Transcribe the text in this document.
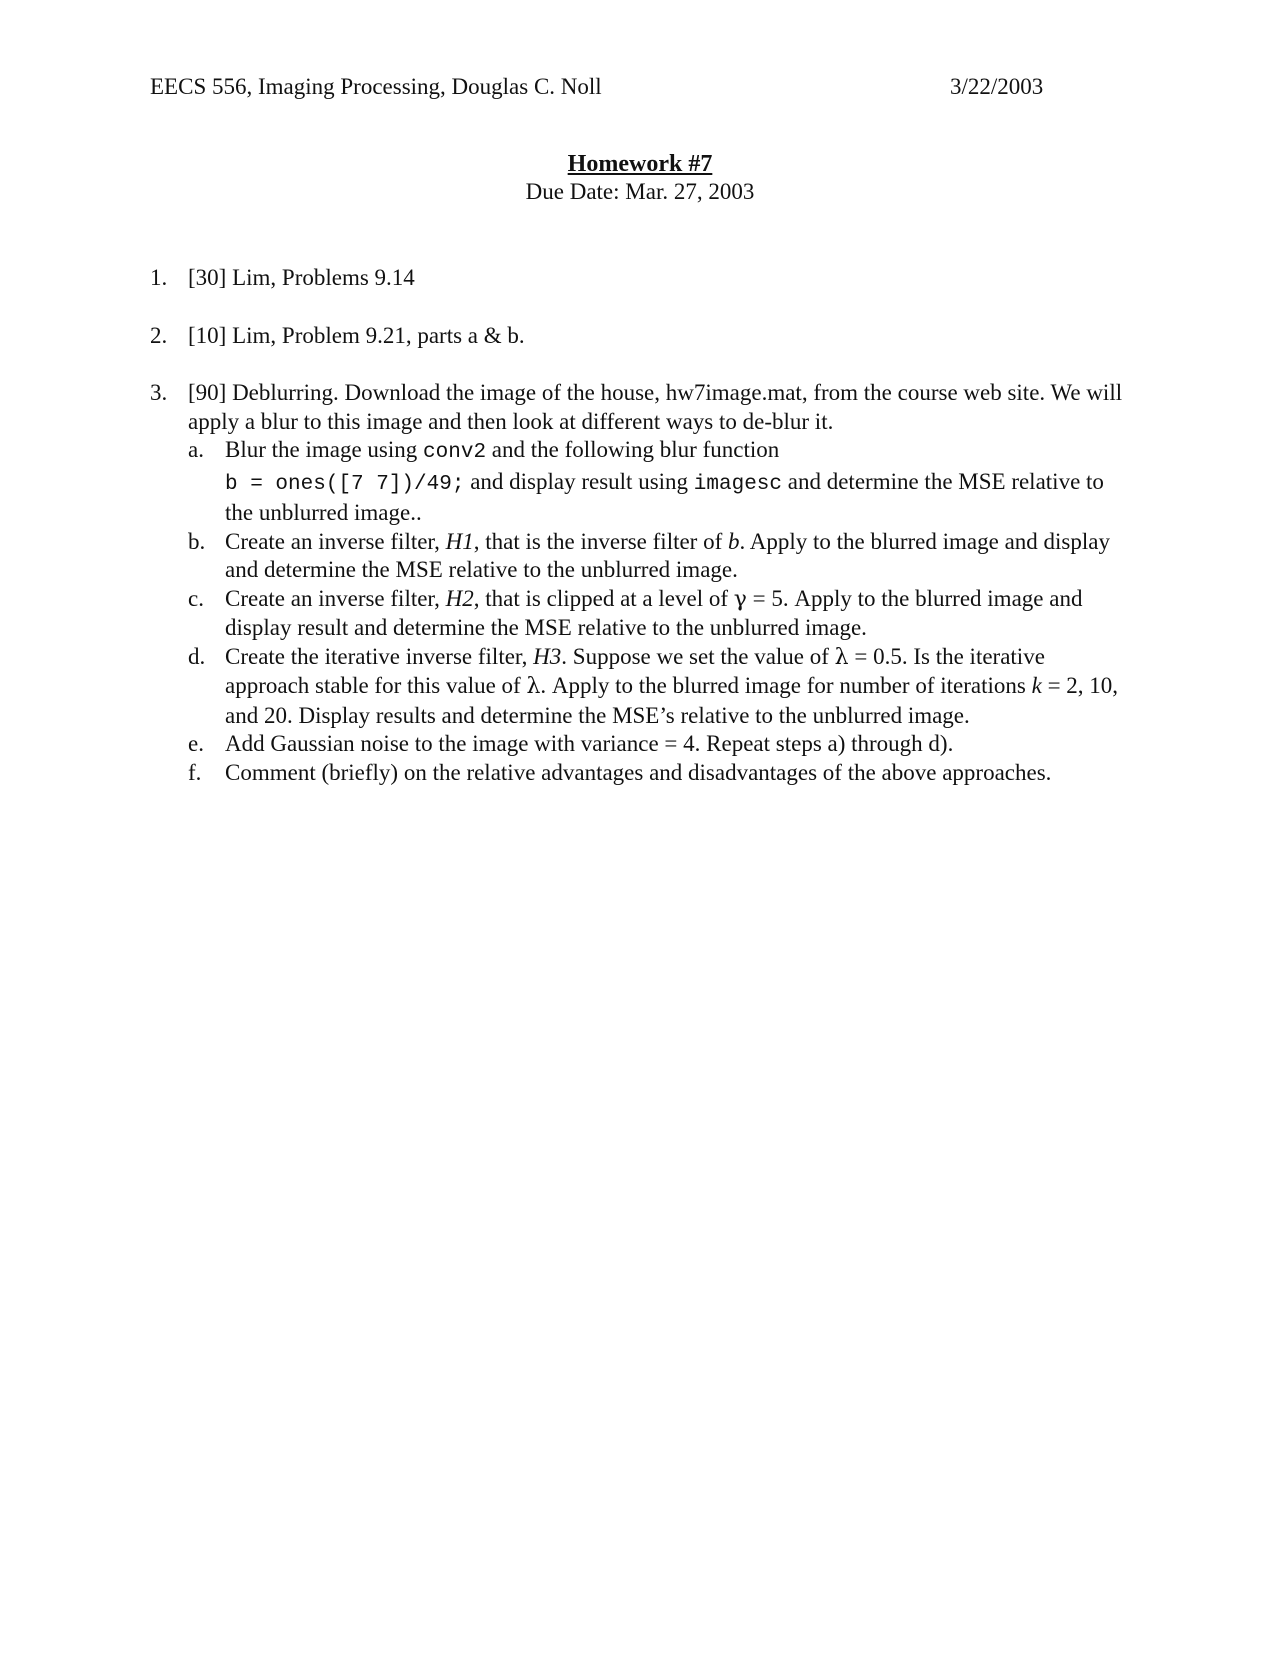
EECS 556, Imaging Processing, Douglas C. Noll	3/22/2003
Homework #7
Due Date: Mar. 27, 2003
1. [30] Lim, Problems 9.14
2. [10] Lim, Problem 9.21, parts a & b.
3. [90] Deblurring. Download the image of the house, hw7image.mat, from the course web site. We will apply a blur to this image and then look at different ways to de-blur it.
a. Blur the image using conv2 and the following blur function
b = ones([7 7])/49; and display result using imagesc and determine the MSE relative to the unblurred image..
b. Create an inverse filter, H1, that is the inverse filter of b. Apply to the blurred image and display and determine the MSE relative to the unblurred image.
c. Create an inverse filter, H2, that is clipped at a level of γ = 5. Apply to the blurred image and display result and determine the MSE relative to the unblurred image.
d. Create the iterative inverse filter, H3. Suppose we set the value of λ = 0.5. Is the iterative approach stable for this value of λ. Apply to the blurred image for number of iterations k = 2, 10, and 20. Display results and determine the MSE’s relative to the unblurred image.
e. Add Gaussian noise to the image with variance = 4. Repeat steps a) through d).
f. Comment (briefly) on the relative advantages and disadvantages of the above approaches.
